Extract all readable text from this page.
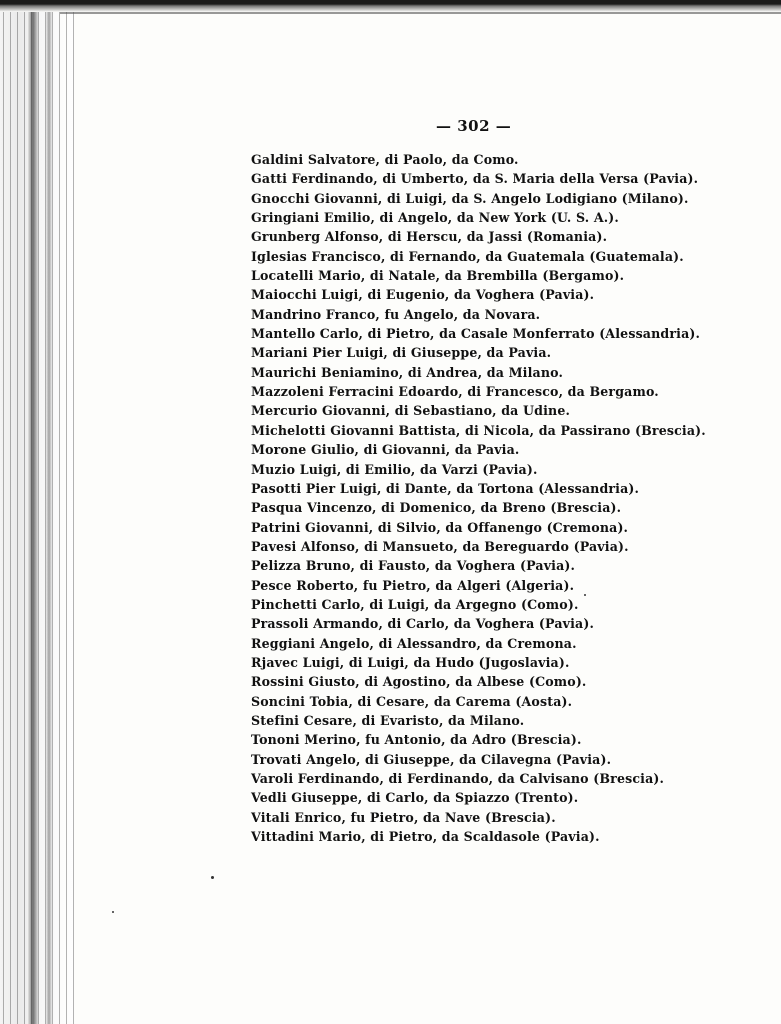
— 302 —
Galdini Salvatore, di Paolo, da Como.
Gatti Ferdinando, di Umberto, da S. Maria della Versa (Pavia).
Gnocchi Giovanni, di Luigi, da S. Angelo Lodigiano (Milano).
Gringiani Emilio, di Angelo, da New York (U. S. A.).
Grunberg Alfonso, di Herscu, da Jassi (Romania).
Iglesias Francisco, di Fernando, da Guatemala (Guatemala).
Locatelli Mario, di Natale, da Brembilla (Bergamo).
Maiocchi Luigi, di Eugenio, da Voghera (Pavia).
Mandrino Franco, fu Angelo, da Novara.
Mantello Carlo, di Pietro, da Casale Monferrato (Alessandria).
Mariani Pier Luigi, di Giuseppe, da Pavia.
Maurichi Beniamino, di Andrea, da Milano.
Mazzoleni Ferracini Edoardo, di Francesco, da Bergamo.
Mercurio Giovanni, di Sebastiano, da Udine.
Michelotti Giovanni Battista, di Nicola, da Passirano (Brescia).
Morone Giulio, di Giovanni, da Pavia.
Muzio Luigi, di Emilio, da Varzi (Pavia).
Pasotti Pier Luigi, di Dante, da Tortona (Alessandria).
Pasqua Vincenzo, di Domenico, da Breno (Brescia).
Patrini Giovanni, di Silvio, da Offanengo (Cremona).
Pavesi Alfonso, di Mansueto, da Bereguardo (Pavia).
Pelizza Bruno, di Fausto, da Voghera (Pavia).
Pesce Roberto, fu Pietro, da Algeri (Algeria).
Pinchetti Carlo, di Luigi, da Argegno (Como).
Prassoli Armando, di Carlo, da Voghera (Pavia).
Reggiani Angelo, di Alessandro, da Cremona.
Rjavec Luigi, di Luigi, da Hudo (Jugoslavia).
Rossini Giusto, di Agostino, da Albese (Como).
Soncini Tobia, di Cesare, da Carema (Aosta).
Stefini Cesare, di Evaristo, da Milano.
Tononi Merino, fu Antonio, da Adro (Brescia).
Trovati Angelo, di Giuseppe, da Cilavegna (Pavia).
Varoli Ferdinando, di Ferdinando, da Calvisano (Brescia).
Vedli Giuseppe, di Carlo, da Spiazzo (Trento).
Vitali Enrico, fu Pietro, da Nave (Brescia).
Vittadini Mario, di Pietro, da Scaldasole (Pavia).
